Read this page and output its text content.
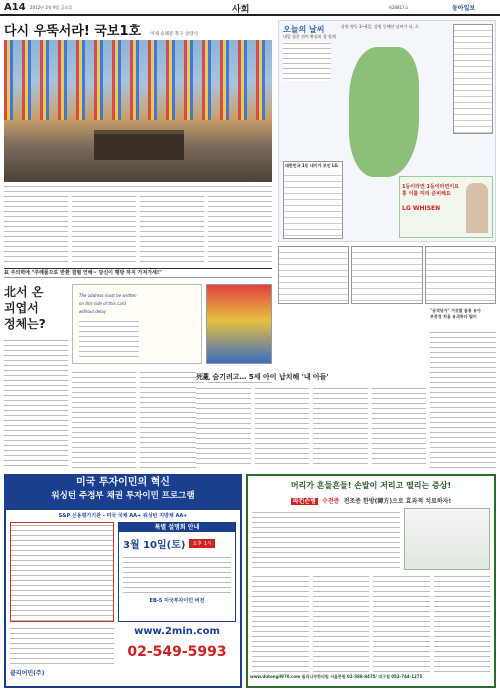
A14 2012년 2월 9일 금요일	사회	제28817호	동아일보
다시 우뚝서라! 국보1호 이제 숭례문 복구 상량식
표 주의력에 "주례품으로 반환 결렬 언해~ 당신이 행방 하지 가져가세!"
오늘의 날씨
내일 징은 전이 확실히 할 할레
강원 영동 3~4일, 강원 동해안 날씨가 더, 로
대한민국 1등 내이가 보인 LG
1등이라면 1등이라면이요
홍 이를 미리 준비해요
LG WHISEN
北서 온
괴엽서
정체는?
The address must be written
on this side of this card
without delay
死亂 숨기려고… 5세 아이 납치해 '내 아들'
"공격당가" 거짓말 들통 유아
부작정 치용 유괴하다 덜미
미국 투자이민의 혁신
워싱턴 주정부 채권 투자이민 프로그램
S&P 신용평가기관 - 미국 국채 AA+ 워싱턴 지방채 AA+
특별 설명회 안내
3월 10일(토)	오후 1시
EB-5 미국투자이민 비전
www.2min.com
클리어민(주)
02-549-5993
머리가 흔들흔들! 손발이 저리고 떨리는 증상!
파킨슨병 수전증 전조증 한방(韓方)으로 효과적 치료하자!
www.dutongil970.com 둘리나무한의원 서울본원 02-588-8475/ 대구점 053-744-1275
